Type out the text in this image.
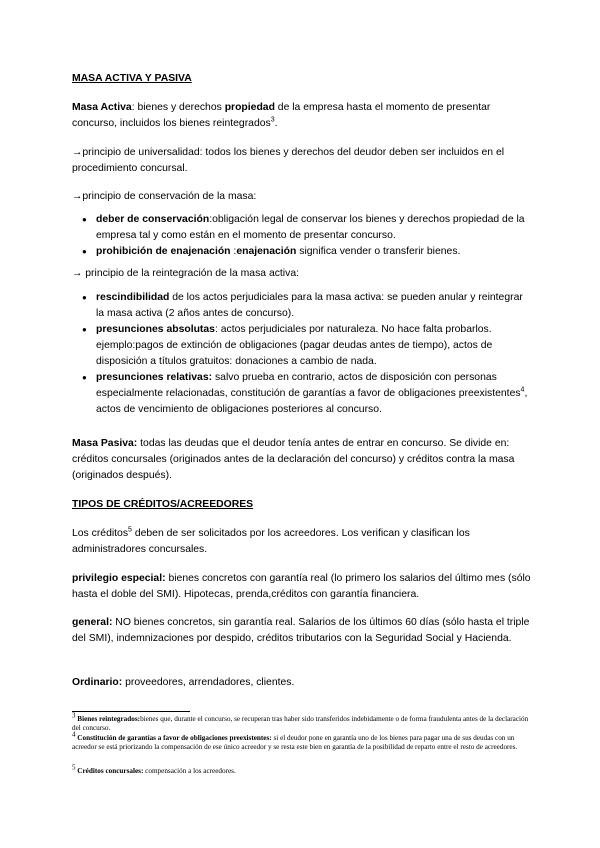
MASA ACTIVA Y PASIVA
Masa Activa: bienes y derechos propiedad de la empresa hasta el momento de presentar concurso, incluidos los bienes reintegrados$^3$.
→principio de universalidad: todos los bienes y derechos del deudor deben ser incluidos en el procedimiento concursal.
→principio de conservación de la masa:
● deber de conservación:obligación legal de conservar los bienes y derechos propiedad de la empresa tal y como están en el momento de presentar concurso.
● prohibición de enajenación :enajenación significa vender o transferir bienes.
→ principio de la reintegración de la masa activa:
● rescindibilidad de los actos perjudiciales para la masa activa: se pueden anular y reintegrar la masa activa (2 años antes de concurso).
● presunciones absolutas: actos perjudiciales por naturaleza. No hace falta probarlos. ejemplo:pagos de extinción de obligaciones (pagar deudas antes de tiempo), actos de disposición a títulos gratuitos: donaciones a cambio de nada.
● presunciones relativas: salvo prueba en contrario, actos de disposición con personas especialmente relacionadas, constitución de garantías a favor de obligaciones preexistentes$^4$, actos de vencimiento de obligaciones posteriores al concurso.
Masa Pasiva: todas las deudas que el deudor tenía antes de entrar en concurso. Se divide en: créditos concursales (originados antes de la declaración del concurso) y créditos contra la masa (originados después).
TIPOS DE CRÉDITOS/ACREEDORES
Los créditos$^5$ deben de ser solicitados por los acreedores. Los verifican y clasifican los administradores concursales.
privilegio especial: bienes concretos con garantía real (lo primero los salarios del último mes (sólo hasta el doble del SMI). Hipotecas, prenda,créditos con garantía financiera.
general: NO bienes concretos, sin garantía real. Salarios de los últimos 60 días (sólo hasta el triple del SMI), indemnizaciones por despido, créditos tributarios con la Seguridad Social y Hacienda.
Ordinario: proveedores, arrendadores, clientes.
$^3$ Bienes reintegrados:bienes que, durante el concurso, se recuperan tras haber sido transferidos indebidamente o de forma fraudulenta antes de la declaración del concurso.
$^4$ Constitución de garantías a favor de obligaciones preexistentes: si el deudor pone en garantía uno de los bienes para pagar una de sus deudas con un acreedor se está priorizando la compensación de ese único acreedor y se resta este bien en garantía de la posibilidad de reparto entre el resto de acreedores.
$^5$ Créditos concursales: compensación a los acreedores.
